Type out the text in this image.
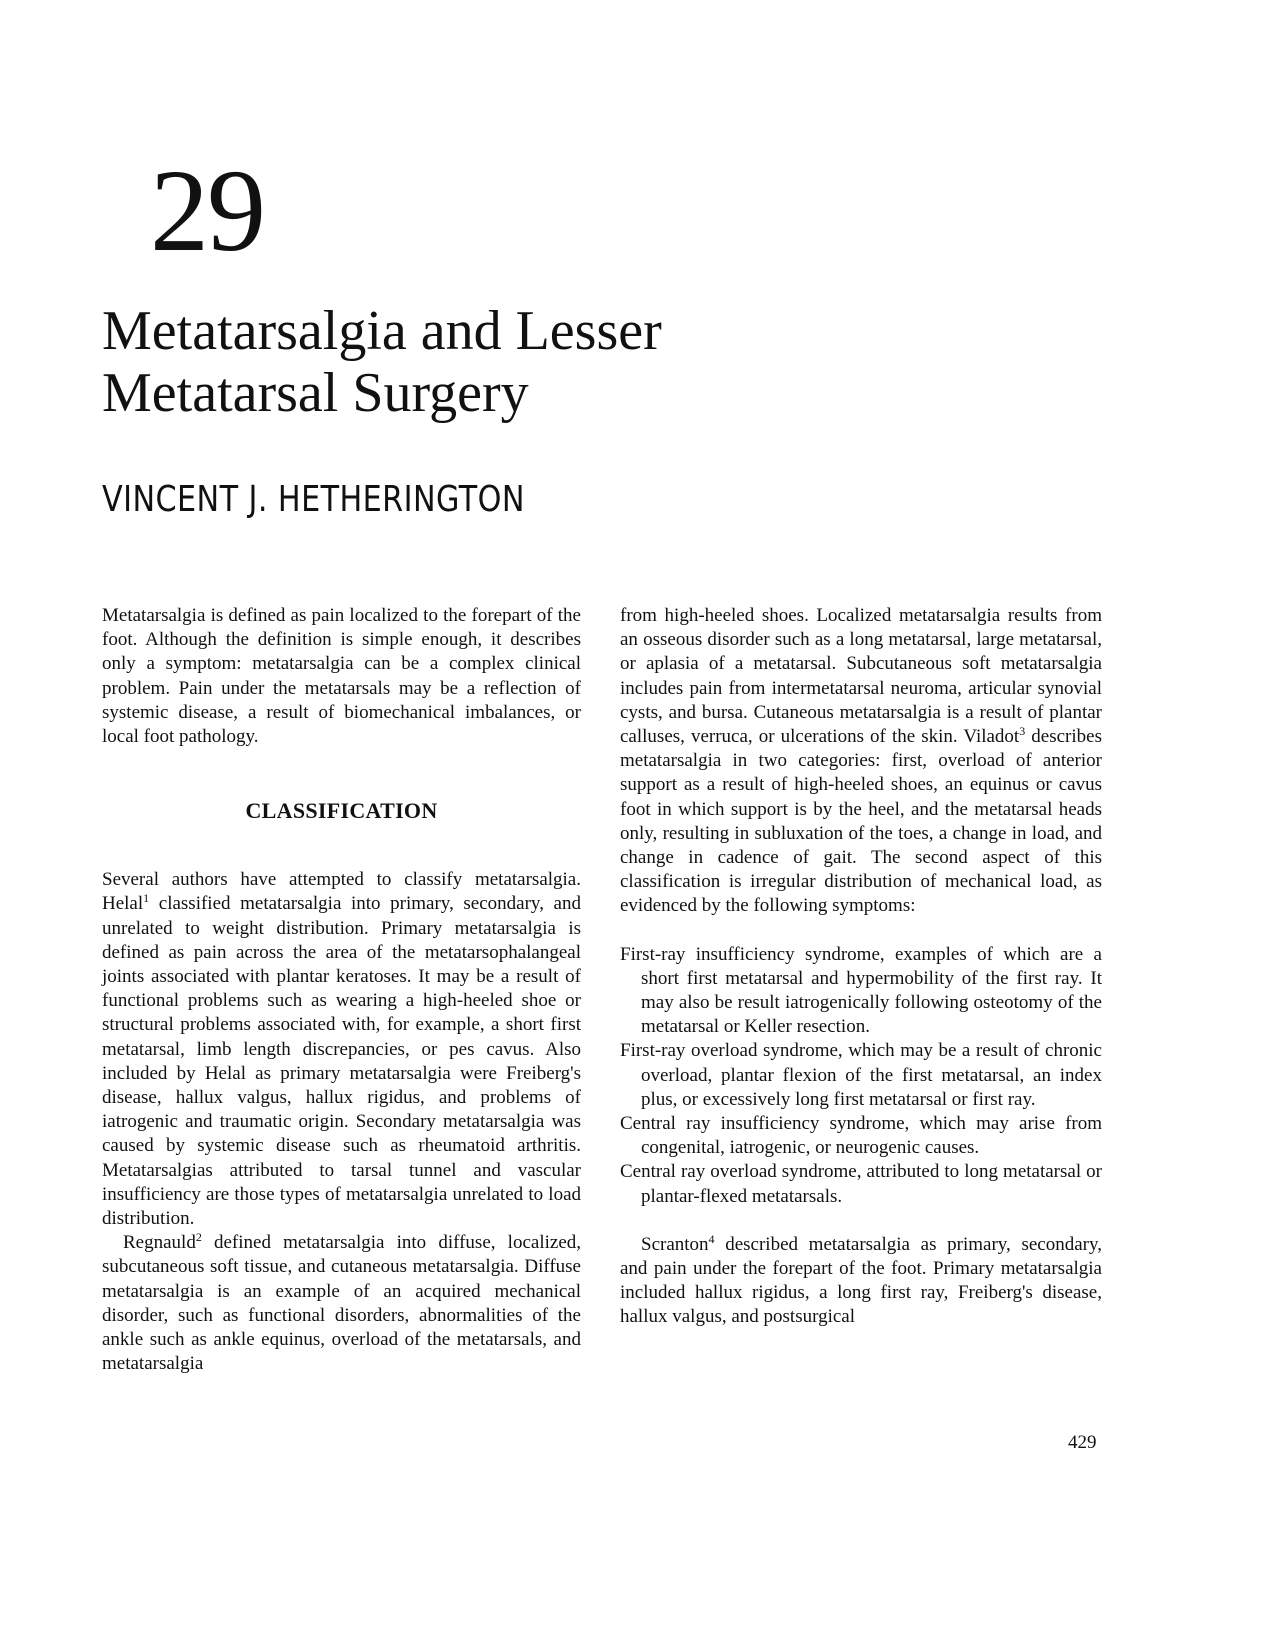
29
Metatarsalgia and Lesser
Metatarsal Surgery
VINCENT J. HETHERINGTON

Metatarsalgia is defined as pain localized to the forepart of the foot. Although the definition is simple enough, it describes only a symptom: metatarsalgia can be a complex clinical problem. Pain under the metatarsals may be a reflection of systemic disease, a result of biomechanical imbalances, or local foot pathology.

CLASSIFICATION

Several authors have attempted to classify metatarsalgia. Helal$^1$ classified metatarsalgia into primary, secondary, and unrelated to weight distribution. Primary metatarsalgia is defined as pain across the area of the metatarsophalangeal joints associated with plantar keratoses. It may be a result of functional problems such as wearing a high-heeled shoe or structural problems associated with, for example, a short first metatarsal, limb length discrepancies, or pes cavus. Also included by Helal as primary metatarsalgia were Freiberg's disease, hallux valgus, hallux rigidus, and problems of iatrogenic and traumatic origin. Secondary metatarsalgia was caused by systemic disease such as rheumatoid arthritis. Metatarsalgias attributed to tarsal tunnel and vascular insufficiency are those types of metatarsalgia unrelated to load distribution.

Regnauld$^2$ defined metatarsalgia into diffuse, localized, subcutaneous soft tissue, and cutaneous metatarsalgia. Diffuse metatarsalgia is an example of an acquired mechanical disorder, such as functional disorders, abnormalities of the ankle such as ankle equinus, overload of the metatarsals, and metatarsalgia

from high-heeled shoes. Localized metatarsalgia results from an osseous disorder such as a long metatarsal, large metatarsal, or aplasia of a metatarsal. Subcutaneous soft metatarsalgia includes pain from intermetatarsal neuroma, articular synovial cysts, and bursa. Cutaneous metatarsalgia is a result of plantar calluses, verruca, or ulcerations of the skin. Viladot$^3$ describes metatarsalgia in two categories: first, overload of anterior support as a result of high-heeled shoes, an equinus or cavus foot in which support is by the heel, and the metatarsal heads only, resulting in subluxation of the toes, a change in load, and change in cadence of gait. The second aspect of this classification is irregular distribution of mechanical load, as evidenced by the following symptoms:

First-ray insufficiency syndrome, examples of which are a short first metatarsal and hypermobility of the first ray. It may also be result iatrogenically following osteotomy of the metatarsal or Keller resection.
First-ray overload syndrome, which may be a result of chronic overload, plantar flexion of the first metatarsal, an index plus, or excessively long first metatarsal or first ray.
Central ray insufficiency syndrome, which may arise from congenital, iatrogenic, or neurogenic causes.
Central ray overload syndrome, attributed to long metatarsal or plantar-flexed metatarsals.

Scranton$^4$ described metatarsalgia as primary, secondary, and pain under the forepart of the foot. Primary metatarsalgia included hallux rigidus, a long first ray, Freiberg's disease, hallux valgus, and postsurgical

429
